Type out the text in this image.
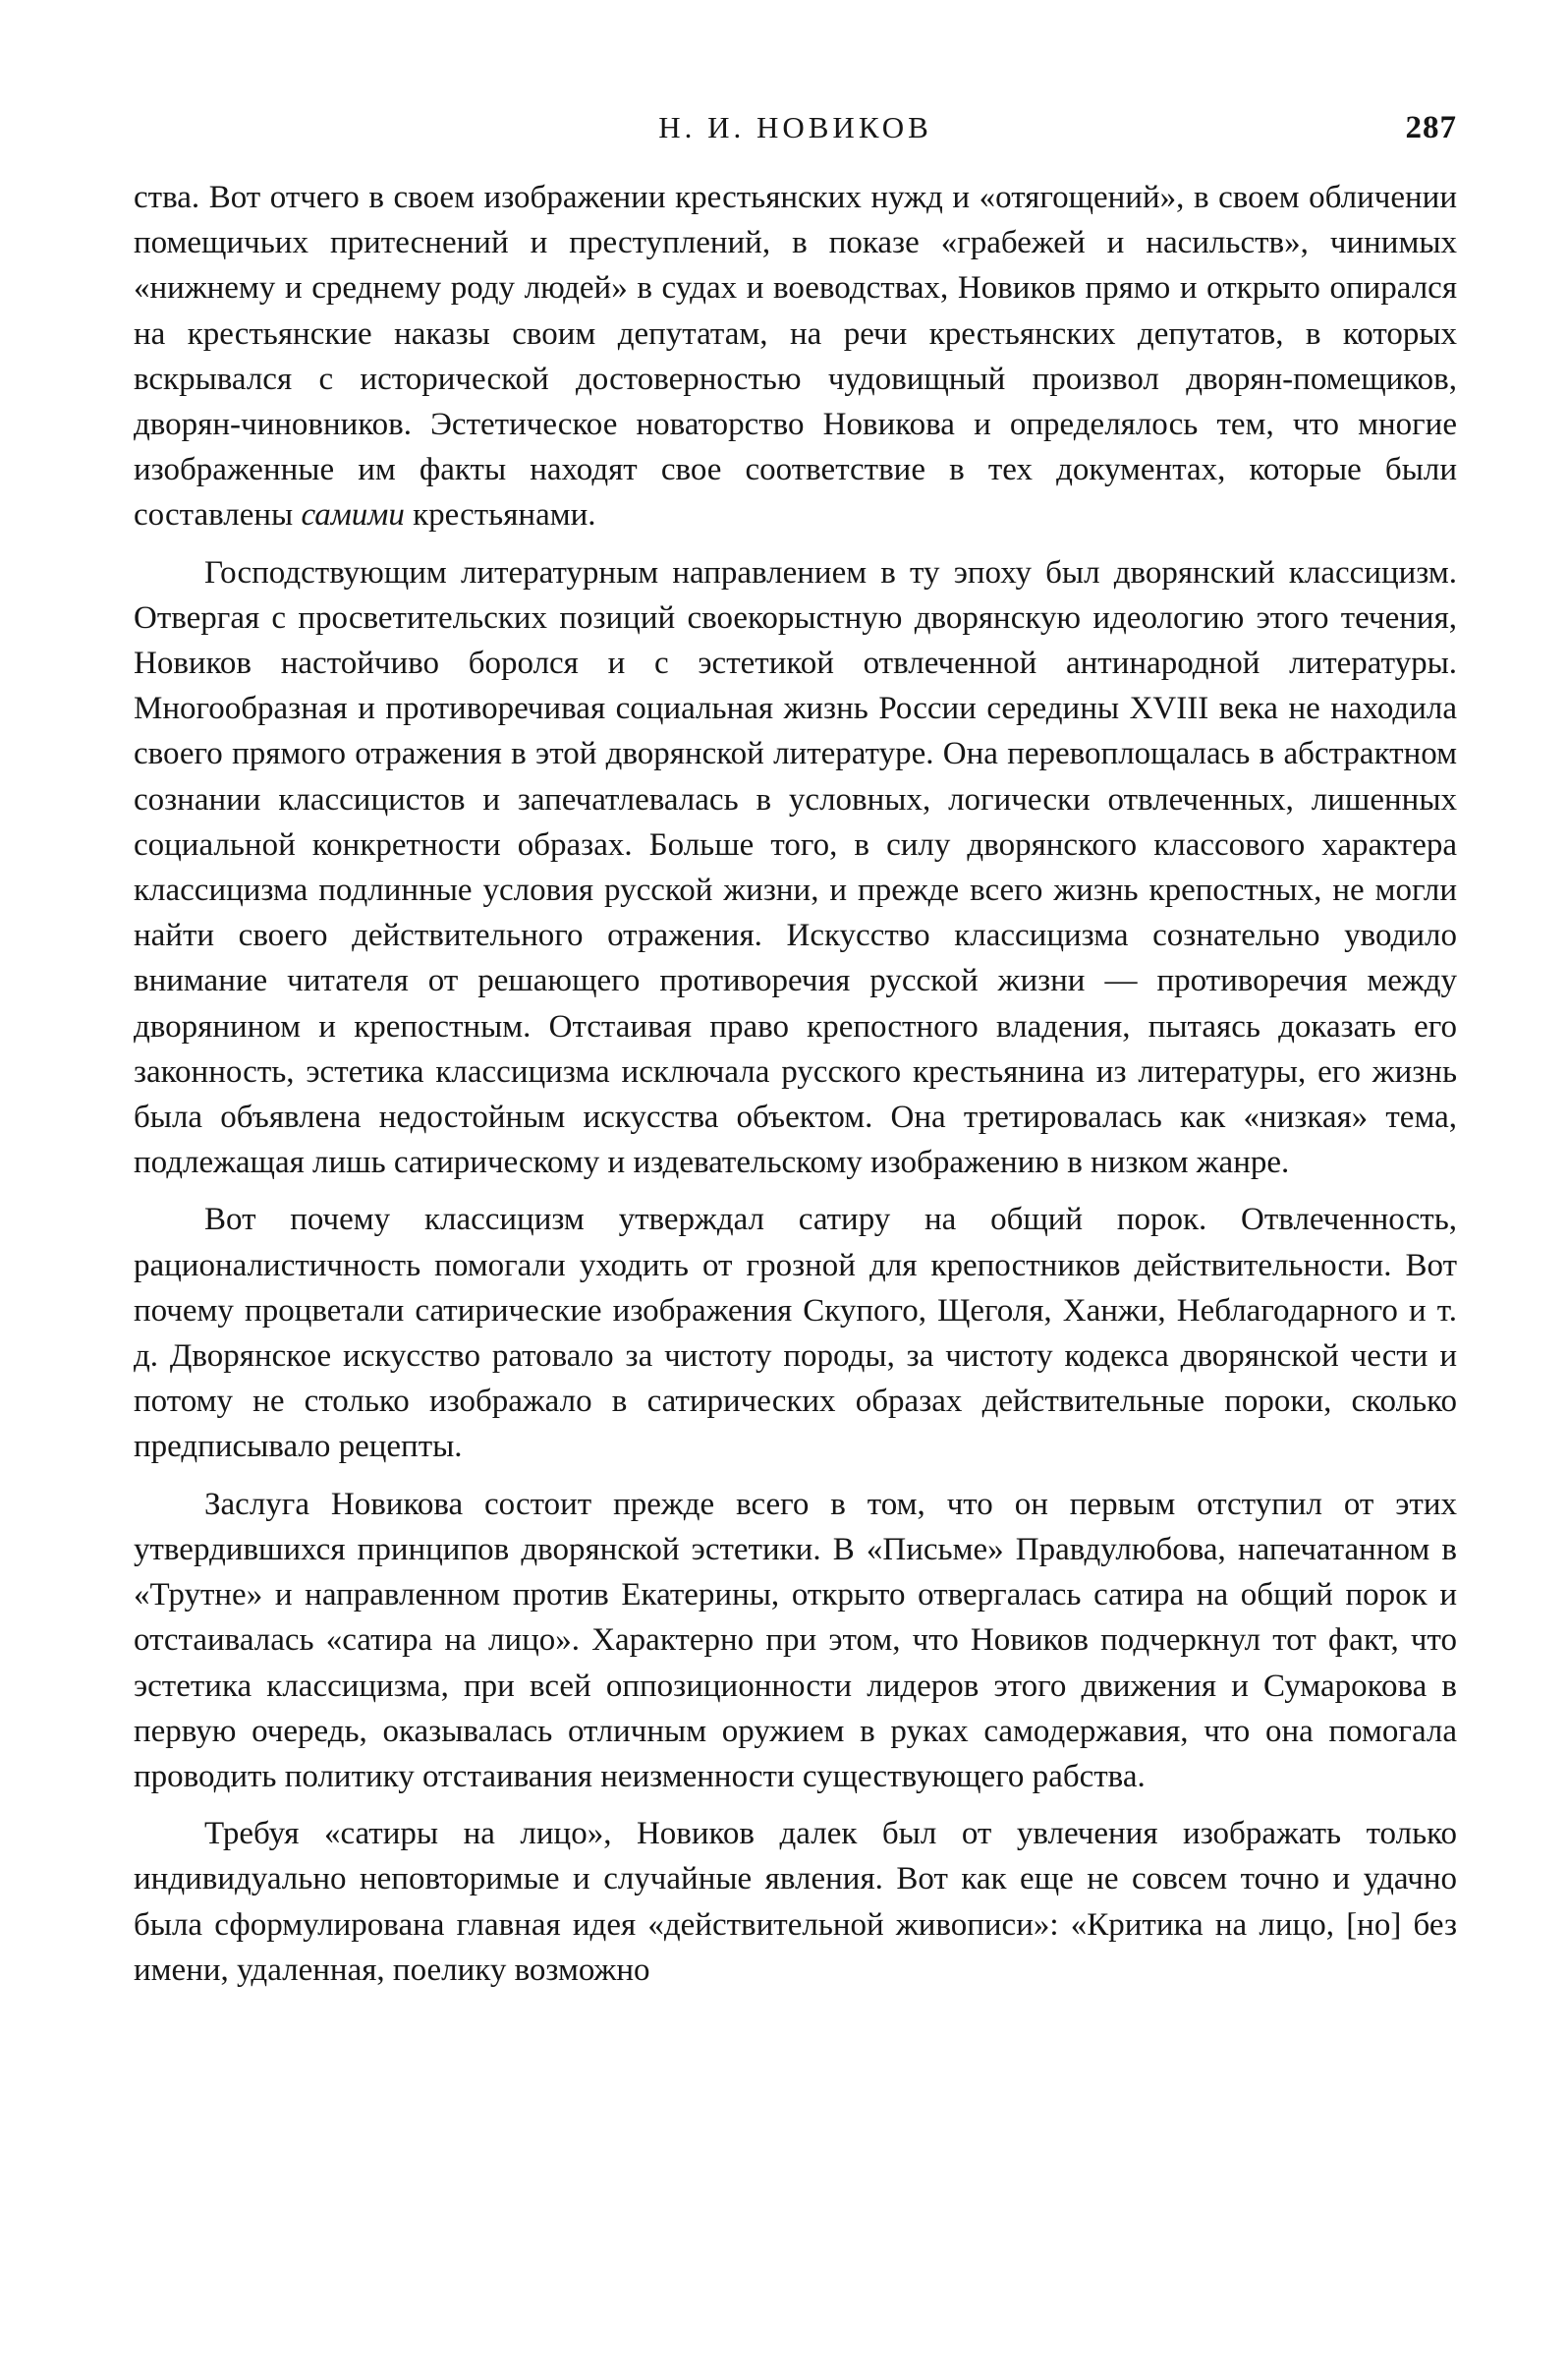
Н. И. НОВИКОВ	287

ства. Вот отчего в своем изображении крестьянских нужд и «отягощений», в своем обличении помещичьих притеснений и преступлений, в показе «грабежей и насильств», чинимых «нижнему и среднему роду людей» в судах и воеводствах, Новиков прямо и открыто опирался на крестьянские наказы своим депутатам, на речи крестьянских депутатов, в которых вскрывался с исторической достоверностью чудовищный произвол дворян-помещиков, дворян-чиновников. Эстетическое новаторство Новикова и определялось тем, что многие изображенные им факты находят свое соответствие в тех документах, которые были составлены самими крестьянами.

Господствующим литературным направлением в ту эпоху был дворянский классицизм. Отвергая с просветительских позиций своекорыстную дворянскую идеологию этого течения, Новиков настойчиво боролся и с эстетикой отвлеченной антинародной литературы. Многообразная и противоречивая социальная жизнь России середины XVIII века не находила своего прямого отражения в этой дворянской литературе. Она перевоплощалась в абстрактном сознании классицистов и запечатлевалась в условных, логически отвлеченных, лишенных социальной конкретности образах. Больше того, в силу дворянского классового характера классицизма подлинные условия русской жизни, и прежде всего жизнь крепостных, не могли найти своего действительного отражения. Искусство классицизма сознательно уводило внимание читателя от решающего противоречия русской жизни — противоречия между дворянином и крепостным. Отстаивая право крепостного владения, пытаясь доказать его законность, эстетика классицизма исключала русского крестьянина из литературы, его жизнь была объявлена недостойным искусства объектом. Она третировалась как «низкая» тема, подлежащая лишь сатирическому и издевательскому изображению в низком жанре.

Вот почему классицизм утверждал сатиру на общий порок. Отвлеченность, рационалистичность помогали уходить от грозной для крепостников действительности. Вот почему процветали сатирические изображения Скупого, Щеголя, Ханжи, Неблагодарного и т. д. Дворянское искусство ратовало за чистоту породы, за чистоту кодекса дворянской чести и потому не столько изображало в сатирических образах действительные пороки, сколько предписывало рецепты.

Заслуга Новикова состоит прежде всего в том, что он первым отступил от этих утвердившихся принципов дворянской эстетики. В «Письме» Правдулюбова, напечатанном в «Трутне» и направленном против Екатерины, открыто отвергалась сатира на общий порок и отстаивалась «сатира на лицо». Характерно при этом, что Новиков подчеркнул тот факт, что эстетика классицизма, при всей оппозиционности лидеров этого движения и Сумарокова в первую очередь, оказывалась отличным оружием в руках самодержавия, что она помогала проводить политику отстаивания неизменности существующего рабства.

Требуя «сатиры на лицо», Новиков далек был от увлечения изображать только индивидуально неповторимые и случайные явления. Вот как еще не совсем точно и удачно была сформулирована главная идея «действительной живописи»: «Критика на лицо, [но] без имени, удаленная, поелику возможно
